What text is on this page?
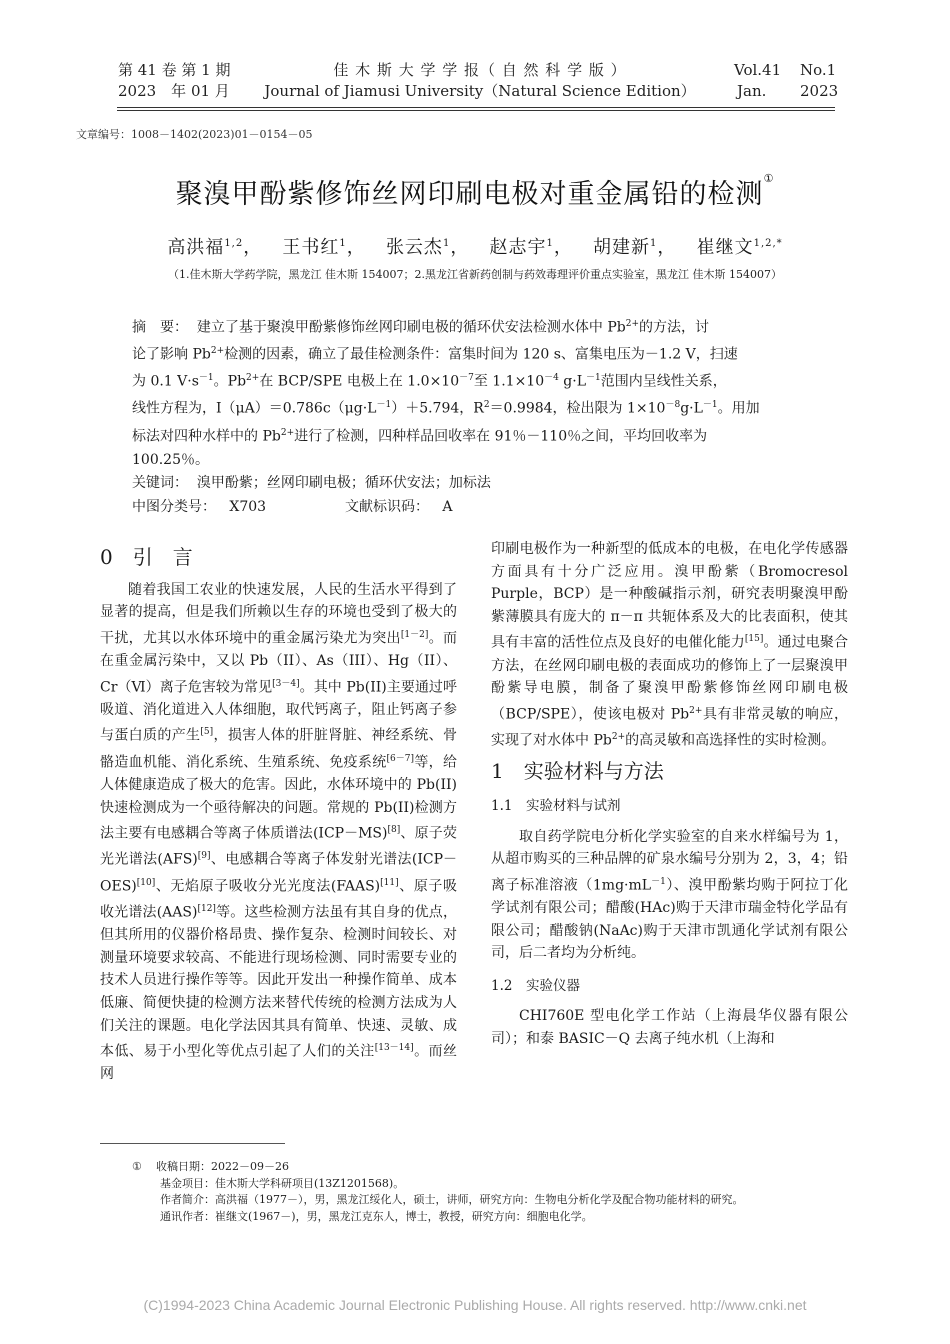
第 41 卷 第 1 期
2023　年 01 月
佳 木 斯 大 学 学 报（ 自 然 科 学 版 ）
Journal of Jiamusi University（Natural Science Edition）
Vol.41 No.1
Jan. 2023
文章编号：1008－1402(2023)01－0154－05
聚溴甲酚紫修饰丝网印刷电极对重金属铅的检测①
高洪福$^{1,2}$， 王书红$^1$， 张云杰$^1$， 赵志宇$^1$， 胡建新$^1$， 崔继文$^{1,2,*}$
（1.佳木斯大学药学院，黑龙江 佳木斯 154007；2.黑龙江省新药创制与药效毒理评价重点实验室，黑龙江 佳木斯 154007）
摘　要： 建立了基于聚溴甲酚紫修饰丝网印刷电极的循环伏安法检测水体中 $Pb^{2+}$的方法，讨
论了影响 $Pb^{2+}$检测的因素，确立了最佳检测条件：富集时间为 120 s、富集电压为－1.2 V，扫速
为 0.1 $V\cdot s^{-1}$。$Pb^{2+}$在 BCP/SPE 电极上在 $1.0\times 10^{-7}$至 $1.1\times 10^{-4}$ $g\cdot L^{-1}$范围内呈线性关系，
线性方程为，$I(\mu A)=0.786c(\mu g\cdot L^{-1})+5.794$，$R^2=0.9984$，检出限为 $1\times 10^{-8}g\cdot L^{-1}$。用加
标法对四种水样中的 $Pb^{2+}$进行了检测，四种样品回收率在 91％－110％之间，平均回收率为
100.25％。
关键词： 溴甲酚紫；丝网印刷电极；循环伏安法；加标法
中图分类号： X703	文献标识码： A
0　引　言

随着我国工农业的快速发展，人民的生活水平得到了显著的提高，但是我们所赖以生存的环境也受到了极大的干扰，尤其以水体环境中的重金属污染尤为突出[1－2]。而在重金属污染中，又以 Pb（II）、As（III）、Hg（II）、Cr（Ⅵ）离子危害较为常见[3－4]。其中 Pb(II)主要通过呼吸道、消化道进入人体细胞，取代钙离子，阻止钙离子参与蛋白质的产生[5]，损害人体的肝脏肾脏、神经系统、骨骼造血机能、消化系统、生殖系统、免疫系统[6－7]等，给人体健康造成了极大的危害。因此，水体环境中的 Pb(II)快速检测成为一个亟待解决的问题。常规的 Pb(II)检测方法主要有电感耦合等离子体质谱法(ICP－MS)[8]、原子荧光光谱法(AFS)[9]、电感耦合等离子体发射光谱法(ICP－OES)[10]、无焰原子吸收分光光度法(FAAS)[11]、原子吸收光谱法(AAS)[12]等。这些检测方法虽有其自身的优点，但其所用的仪器价格昂贵、操作复杂、检测时间较长、对测量环境要求较高、不能进行现场检测、同时需要专业的技术人员进行操作等等。因此开发出一种操作简单、成本低廉、简便快捷的检测方法来替代传统的检测方法成为人们关注的课题。电化学法因其具有简单、快速、灵敏、成本低、易于小型化等优点引起了人们的关注[13－14]。而丝网

印刷电极作为一种新型的低成本的电极，在电化学传感器方面具有十分广泛应用。溴甲酚紫（Bromocresol Purple，BCP）是一种酸碱指示剂，研究表明聚溴甲酚紫薄膜具有庞大的 π－π 共轭体系及大的比表面积，使其具有丰富的活性位点及良好的电催化能力[15]。通过电聚合方法，在丝网印刷电极的表面成功的修饰上了一层聚溴甲酚紫导电膜，制备了聚溴甲酚紫修饰丝网印刷电极（BCP/SPE），使该电极对 $Pb^{2+}$具有非常灵敏的响应，实现了对水体中 $Pb^{2+}$的高灵敏和高选择性的实时检测。

1　实验材料与方法
1.1　实验材料与试剂

取自药学院电分析化学实验室的自来水样编号为 1，从超市购买的三种品牌的矿泉水编号分别为 2，3，4；铅离子标准溶液$(1mg\cdot mL^{-1})$、溴甲酚紫均购于阿拉丁化学试剂有限公司；醋酸(HAc)购于天津市瑞金特化学品有限公司；醋酸钠(NaAc)购于天津市凯通化学试剂有限公司，后二者均为分析纯。

1.2　实验仪器

CHI760E 型电化学工作站（上海晨华仪器有限公司）；和泰 BASIC－Q 去离子纯水机（上海和

① 收稿日期：2022－09－26
基金项目：佳木斯大学科研项目(13Z1201568)。
作者简介：高洪福（1977－），男，黑龙江绥化人，硕士，讲师，研究方向：生物电分析化学及配合物功能材料的研究。
通讯作者：崔继文(1967－)，男，黑龙江克东人，博士，教授，研究方向：细胞电化学。
(C)1994-2023 China Academic Journal Electronic Publishing House. All rights reserved. http://www.cnki.net
